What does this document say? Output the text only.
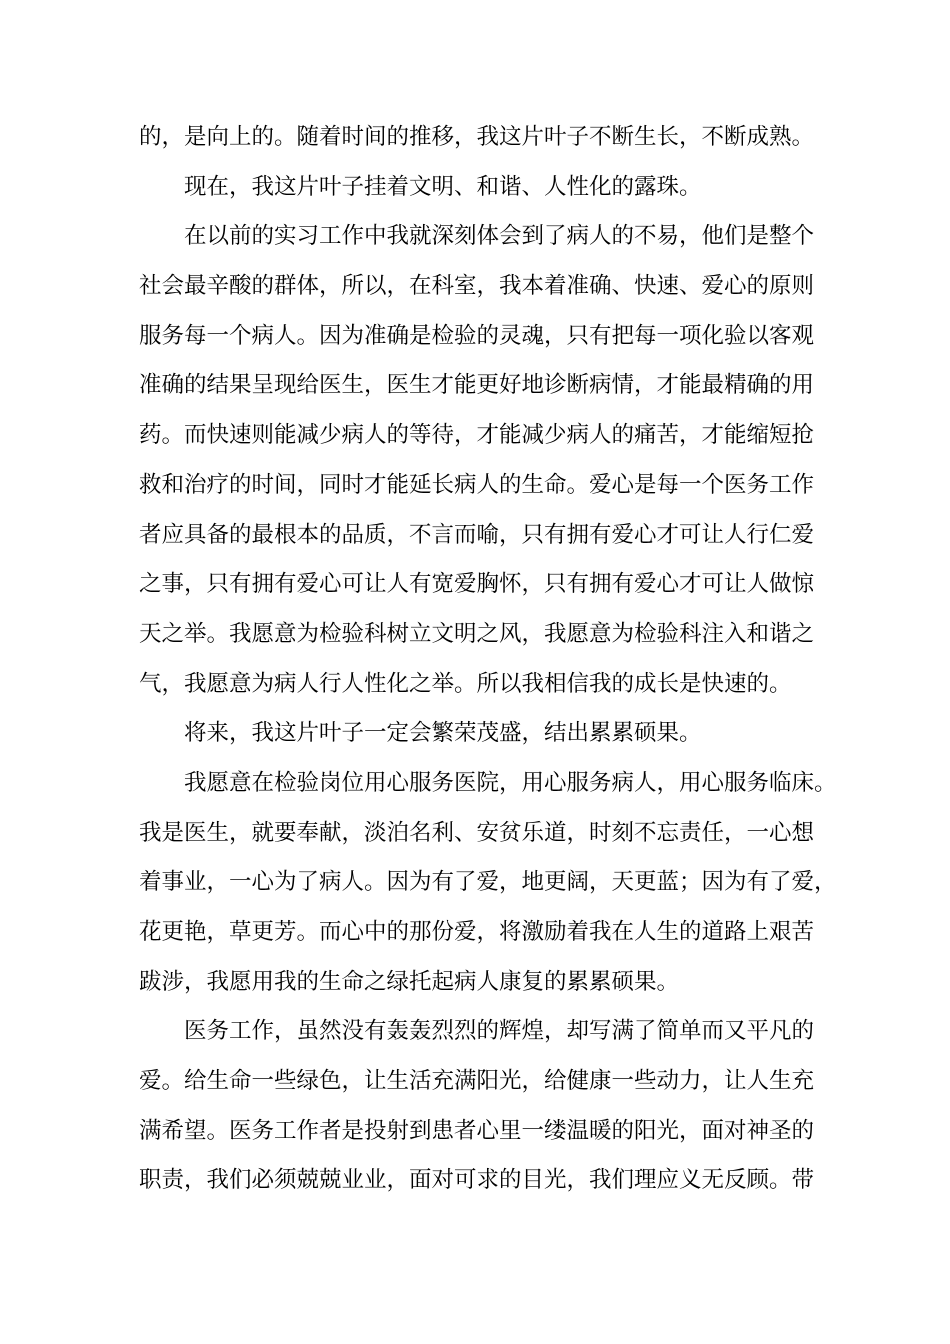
的，是向上的。随着时间的推移，我这片叶子不断生长，不断成熟。
现在，我这片叶子挂着文明、和谐、人性化的露珠。
在以前的实习工作中我就深刻体会到了病人的不易，他们是整个
社会最辛酸的群体，所以，在科室，我本着准确、快速、爱心的原则
服务每一个病人。因为准确是检验的灵魂，只有把每一项化验以客观
准确的结果呈现给医生，医生才能更好地诊断病情，才能最精确的用
药。而快速则能减少病人的等待，才能减少病人的痛苦，才能缩短抢
救和治疗的时间，同时才能延长病人的生命。爱心是每一个医务工作
者应具备的最根本的品质，不言而喻，只有拥有爱心才可让人行仁爱
之事，只有拥有爱心可让人有宽爱胸怀，只有拥有爱心才可让人做惊
天之举。我愿意为检验科树立文明之风，我愿意为检验科注入和谐之
气，我愿意为病人行人性化之举。所以我相信我的成长是快速的。
将来，我这片叶子一定会繁荣茂盛，结出累累硕果。
我愿意在检验岗位用心服务医院，用心服务病人，用心服务临床。
我是医生，就要奉献，淡泊名利、安贫乐道，时刻不忘责任，一心想
着事业，一心为了病人。因为有了爱，地更阔，天更蓝；因为有了爱，
花更艳，草更芳。而心中的那份爱，将激励着我在人生的道路上艰苦
跋涉，我愿用我的生命之绿托起病人康复的累累硕果。
医务工作，虽然没有轰轰烈烈的辉煌，却写满了简单而又平凡的
爱。给生命一些绿色，让生活充满阳光，给健康一些动力，让人生充
满希望。医务工作者是投射到患者心里一缕温暖的阳光，面对神圣的
职责，我们必须兢兢业业，面对可求的目光，我们理应义无反顾。带
